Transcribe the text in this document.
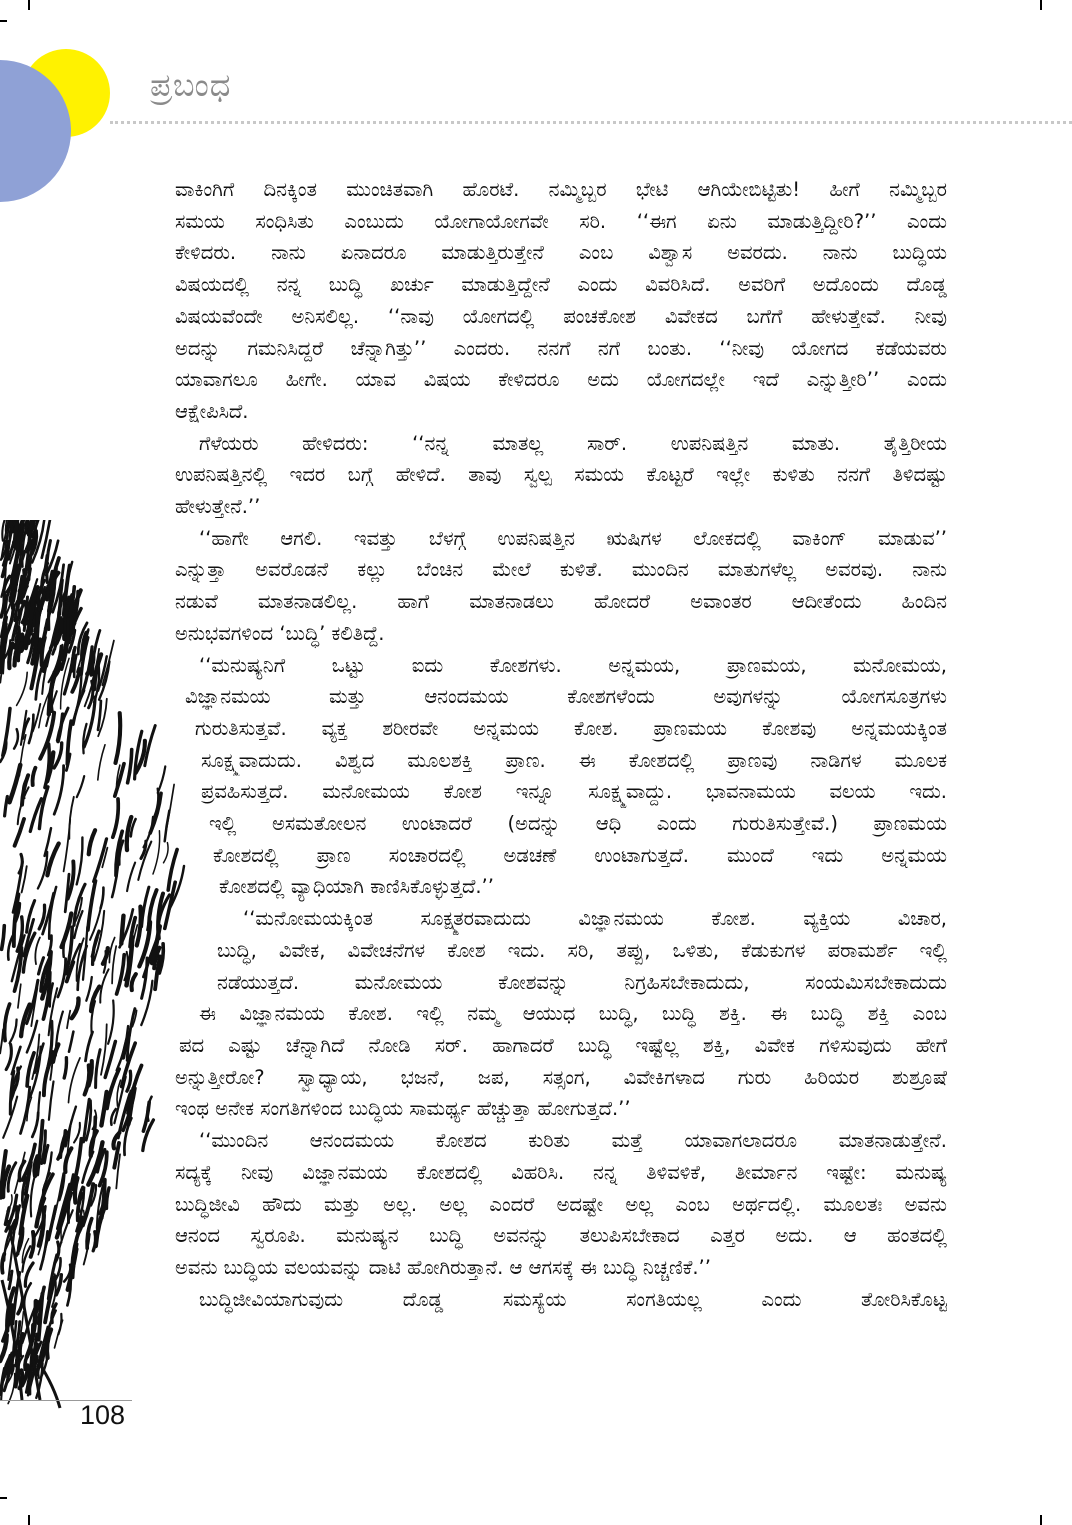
ಪ್ರಬಂಧ

ವಾಕಿಂಗಿಗೆ ದಿನಕ್ಕಿಂತ ಮುಂಚಿತವಾಗಿ ಹೊರಟೆ. ನಮ್ಮಿಬ್ಬರ ಭೇಟಿ ಆಗಿಯೇಬಿಟ್ಟಿತು! ಹೀಗೆ ನಮ್ಮಿಬ್ಬರ
ಸಮಯ ಸಂಧಿಸಿತು ಎಂಬುದು ಯೋಗಾಯೋಗವೇ ಸರಿ. ‘‘ಈಗ ಏನು ಮಾಡುತ್ತಿದ್ದೀರಿ?’’ ಎಂದು
ಕೇಳಿದರು. ನಾನು ಏನಾದರೂ ಮಾಡುತ್ತಿರುತ್ತೇನೆ ಎಂಬ ವಿಶ್ವಾಸ ಅವರದು. ನಾನು ಬುದ್ಧಿಯ
ವಿಷಯದಲ್ಲಿ ನನ್ನ ಬುದ್ಧಿ ಖರ್ಚು ಮಾಡುತ್ತಿದ್ದೇನೆ ಎಂದು ವಿವರಿಸಿದೆ. ಅವರಿಗೆ ಅದೊಂದು ದೊಡ್ಡ
ವಿಷಯವೆಂದೇ ಅನಿಸಲಿಲ್ಲ. ‘‘ನಾವು ಯೋಗದಲ್ಲಿ ಪಂಚಕೋಶ ವಿವೇಕದ ಬಗೆಗೆ ಹೇಳುತ್ತೇವೆ. ನೀವು
ಅದನ್ನು ಗಮನಿಸಿದ್ದರೆ ಚೆನ್ನಾಗಿತ್ತು’’ ಎಂದರು. ನನಗೆ ನಗೆ ಬಂತು. ‘‘ನೀವು ಯೋಗದ ಕಡೆಯವರು
ಯಾವಾಗಲೂ ಹೀಗೇ. ಯಾವ ವಿಷಯ ಕೇಳಿದರೂ ಅದು ಯೋಗದಲ್ಲೇ ಇದೆ ಎನ್ನುತ್ತೀರಿ’’ ಎಂದು
ಆಕ್ಷೇಪಿಸಿದೆ.

ಗೆಳೆಯರು ಹೇಳಿದರು: ‘‘ನನ್ನ ಮಾತಲ್ಲ ಸಾರ್. ಉಪನಿಷತ್ತಿನ ಮಾತು. ತೈತ್ತಿರೀಯ
ಉಪನಿಷತ್ತಿನಲ್ಲಿ ಇದರ ಬಗ್ಗೆ ಹೇಳಿದೆ. ತಾವು ಸ್ವಲ್ಪ ಸಮಯ ಕೊಟ್ಟರೆ ಇಲ್ಲೇ ಕುಳಿತು ನನಗೆ ತಿಳಿದಷ್ಟು
ಹೇಳುತ್ತೇನೆ.’’

‘‘ಹಾಗೇ ಆಗಲಿ. ಇವತ್ತು ಬೆಳಗ್ಗೆ ಉಪನಿಷತ್ತಿನ ಋಷಿಗಳ ಲೋಕದಲ್ಲಿ ವಾಕಿಂಗ್ ಮಾಡುವ’’
ಎನ್ನುತ್ತಾ ಅವರೊಡನೆ ಕಲ್ಲು ಬೆಂಚಿನ ಮೇಲೆ ಕುಳಿತೆ. ಮುಂದಿನ ಮಾತುಗಳೆಲ್ಲ ಅವರವು. ನಾನು
ನಡುವೆ ಮಾತನಾಡಲಿಲ್ಲ. ಹಾಗೆ ಮಾತನಾಡಲು ಹೋದರೆ ಅವಾಂತರ ಆದೀತೆಂದು ಹಿಂದಿನ
ಅನುಭವಗಳಿಂದ ‘ಬುದ್ಧಿ’ ಕಲಿತಿದ್ದೆ.

‘‘ಮನುಷ್ಯನಿಗೆ ಒಟ್ಟು ಐದು ಕೋಶಗಳು. ಅನ್ನಮಯ, ಪ್ರಾಣಮಯ, ಮನೋಮಯ,
ವಿಜ್ಞಾನಮಯ ಮತ್ತು ಆನಂದಮಯ ಕೋಶಗಳೆಂದು ಅವುಗಳನ್ನು ಯೋಗಸೂತ್ರಗಳು
ಗುರುತಿಸುತ್ತವೆ. ವ್ಯಕ್ತ ಶರೀರವೇ ಅನ್ನಮಯ ಕೋಶ. ಪ್ರಾಣಮಯ ಕೋಶವು ಅನ್ನಮಯಕ್ಕಿಂತ
ಸೂಕ್ಷ್ಮವಾದುದು. ವಿಶ್ವದ ಮೂಲಶಕ್ತಿ ಪ್ರಾಣ. ಈ ಕೋಶದಲ್ಲಿ ಪ್ರಾಣವು ನಾಡಿಗಳ ಮೂಲಕ
ಪ್ರವಹಿಸುತ್ತದೆ. ಮನೋಮಯ ಕೋಶ ಇನ್ನೂ ಸೂಕ್ಷ್ಮವಾದ್ದು. ಭಾವನಾಮಯ ವಲಯ ಇದು.
ಇಲ್ಲಿ ಅಸಮತೋಲನ ಉಂಟಾದರೆ (ಅದನ್ನು ಆಧಿ ಎಂದು ಗುರುತಿಸುತ್ತೇವೆ.) ಪ್ರಾಣಮಯ
ಕೋಶದಲ್ಲಿ ಪ್ರಾಣ ಸಂಚಾರದಲ್ಲಿ ಅಡಚಣೆ ಉಂಟಾಗುತ್ತದೆ. ಮುಂದೆ ಇದು ಅನ್ನಮಯ
ಕೋಶದಲ್ಲಿ ವ್ಯಾಧಿಯಾಗಿ ಕಾಣಿಸಿಕೊಳ್ಳುತ್ತದೆ.’’

‘‘ಮನೋಮಯಕ್ಕಿಂತ ಸೂಕ್ಷ್ಮತರವಾದುದು ವಿಜ್ಞಾನಮಯ ಕೋಶ. ವ್ಯಕ್ತಿಯ ವಿಚಾರ,
ಬುದ್ಧಿ, ವಿವೇಕ, ವಿವೇಚನೆಗಳ ಕೋಶ ಇದು. ಸರಿ, ತಪ್ಪು, ಒಳಿತು, ಕೆಡುಕುಗಳ ಪರಾಮರ್ಶೆ ಇಲ್ಲಿ
ನಡೆಯುತ್ತದೆ. ಮನೋಮಯ ಕೋಶವನ್ನು ನಿಗ್ರಹಿಸಬೇಕಾದುದು, ಸಂಯಮಿಸಬೇಕಾದುದು
ಈ ವಿಜ್ಞಾನಮಯ ಕೋಶ. ಇಲ್ಲಿ ನಮ್ಮ ಆಯುಧ ಬುದ್ಧಿ, ಬುದ್ಧಿ ಶಕ್ತಿ. ಈ ಬುದ್ಧಿ ಶಕ್ತಿ ಎಂಬ
ಪದ ಎಷ್ಟು ಚೆನ್ನಾಗಿದೆ ನೋಡಿ ಸರ್. ಹಾಗಾದರೆ ಬುದ್ಧಿ ಇಷ್ಟೆಲ್ಲ ಶಕ್ತಿ, ವಿವೇಕ ಗಳಿಸುವುದು ಹೇಗೆ
ಅನ್ನುತ್ತೀರೋ? ಸ್ವಾಧ್ಯಾಯ, ಭಜನೆ, ಜಪ, ಸತ್ಸಂಗ, ವಿವೇಕಿಗಳಾದ ಗುರು ಹಿರಿಯರ ಶುಶ್ರೂಷೆ
ಇಂಥ ಅನೇಕ ಸಂಗತಿಗಳಿಂದ ಬುದ್ಧಿಯ ಸಾಮರ್ಥ್ಯ ಹೆಚ್ಚುತ್ತಾ ಹೋಗುತ್ತದೆ.’’

‘‘ಮುಂದಿನ ಆನಂದಮಯ ಕೋಶದ ಕುರಿತು ಮತ್ತೆ ಯಾವಾಗಲಾದರೂ ಮಾತನಾಡುತ್ತೇನೆ.
ಸದ್ಯಕ್ಕೆ ನೀವು ವಿಜ್ಞಾನಮಯ ಕೋಶದಲ್ಲಿ ವಿಹರಿಸಿ. ನನ್ನ ತಿಳಿವಳಿಕೆ, ತೀರ್ಮಾನ ಇಷ್ಟೇ: ಮನುಷ್ಯ
ಬುದ್ಧಿಜೀವಿ ಹೌದು ಮತ್ತು ಅಲ್ಲ. ಅಲ್ಲ ಎಂದರೆ ಅದಷ್ಟೇ ಅಲ್ಲ ಎಂಬ ಅರ್ಥದಲ್ಲಿ. ಮೂಲತಃ ಅವನು
ಆನಂದ ಸ್ವರೂಪಿ. ಮನುಷ್ಯನ ಬುದ್ಧಿ ಅವನನ್ನು ತಲುಪಿಸಬೇಕಾದ ಎತ್ತರ ಅದು. ಆ ಹಂತದಲ್ಲಿ
ಅವನು ಬುದ್ಧಿಯ ವಲಯವನ್ನು ದಾಟಿ ಹೋಗಿರುತ್ತಾನೆ. ಆ ಆಗಸಕ್ಕೆ ಈ ಬುದ್ಧಿ ನಿಚ್ಚಣಿಕೆ.’’

ಬುದ್ಧಿಜೀವಿಯಾಗುವುದು ದೊಡ್ಡ ಸಮಸ್ಯೆಯ ಸಂಗತಿಯಲ್ಲ ಎಂದು ತೋರಿಸಿಕೊಟ್ಟ

108
